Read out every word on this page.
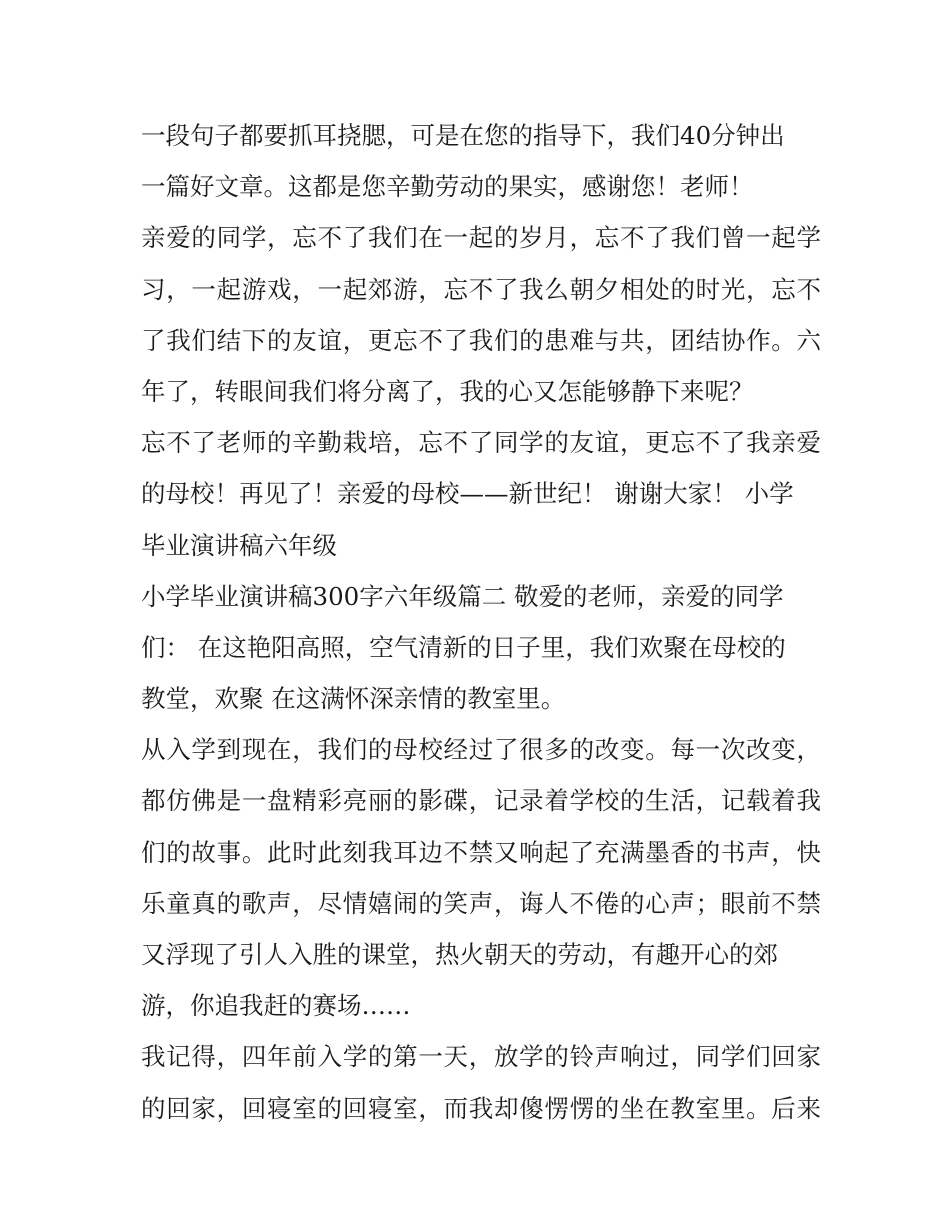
一段句子都要抓耳挠腮，可是在您的指导下，我们40分钟出
一篇好文章。这都是您辛勤劳动的果实，感谢您！老师！
亲爱的同学，忘不了我们在一起的岁月，忘不了我们曾一起学
习，一起游戏，一起郊游，忘不了我么朝夕相处的时光，忘不
了我们结下的友谊，更忘不了我们的患难与共，团结协作。六
年了，转眼间我们将分离了，我的心又怎能够静下来呢？
忘不了老师的辛勤栽培，忘不了同学的友谊，更忘不了我亲爱
的母校！再见了！亲爱的母校——新世纪！ 谢谢大家！ 小学
毕业演讲稿六年级
小学毕业演讲稿300字六年级篇二 敬爱的老师，亲爱的同学
们： 在这艳阳高照，空气清新的日子里，我们欢聚在母校的
教堂，欢聚 在这满怀深亲情的教室里。
从入学到现在，我们的母校经过了很多的改变。每一次改变，
都仿佛是一盘精彩亮丽的影碟，记录着学校的生活，记载着我
们的故事。此时此刻我耳边不禁又响起了充满墨香的书声，快
乐童真的歌声，尽情嬉闹的笑声，诲人不倦的心声；眼前不禁
又浮现了引人入胜的课堂，热火朝天的劳动，有趣开心的郊
游，你追我赶的赛场……
我记得，四年前入学的第一天，放学的铃声响过，同学们回家
的回家，回寝室的回寝室，而我却傻愣愣的坐在教室里。后来
